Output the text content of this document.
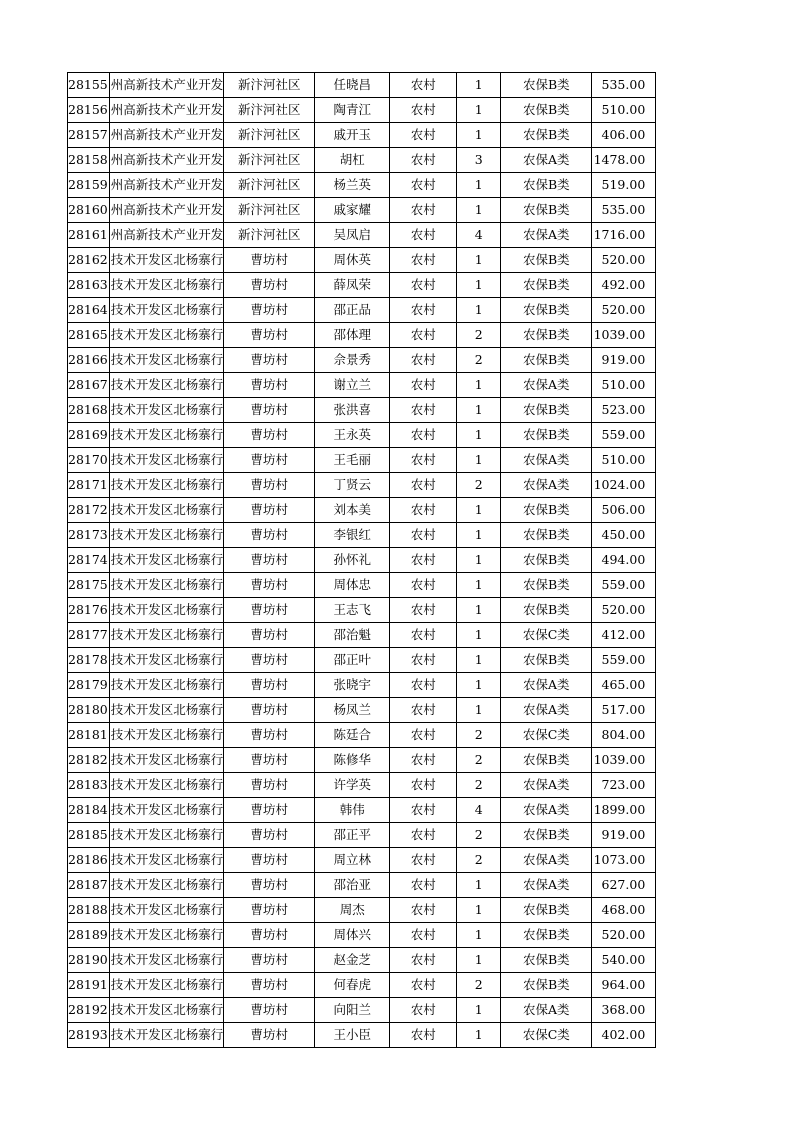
28155	州高新技术产业开发	新汴河社区	任晓昌	农村	1	农保B类	535.00
28156	州高新技术产业开发	新汴河社区	陶青江	农村	1	农保B类	510.00
28157	州高新技术产业开发	新汴河社区	戚开玉	农村	1	农保B类	406.00
28158	州高新技术产业开发	新汴河社区	胡杠	农村	3	农保A类	1478.00
28159	州高新技术产业开发	新汴河社区	杨兰英	农村	1	农保B类	519.00
28160	州高新技术产业开发	新汴河社区	戚家耀	农村	1	农保B类	535.00
28161	州高新技术产业开发	新汴河社区	吴凤启	农村	4	农保A类	1716.00
28162	技术开发区北杨寨行	曹坊村	周休英	农村	1	农保B类	520.00
28163	技术开发区北杨寨行	曹坊村	薛凤荣	农村	1	农保B类	492.00
28164	技术开发区北杨寨行	曹坊村	邵正品	农村	1	农保B类	520.00
28165	技术开发区北杨寨行	曹坊村	邵体理	农村	2	农保B类	1039.00
28166	技术开发区北杨寨行	曹坊村	佘景秀	农村	2	农保B类	919.00
28167	技术开发区北杨寨行	曹坊村	谢立兰	农村	1	农保A类	510.00
28168	技术开发区北杨寨行	曹坊村	张洪喜	农村	1	农保B类	523.00
28169	技术开发区北杨寨行	曹坊村	王永英	农村	1	农保B类	559.00
28170	技术开发区北杨寨行	曹坊村	王毛丽	农村	1	农保A类	510.00
28171	技术开发区北杨寨行	曹坊村	丁贤云	农村	2	农保A类	1024.00
28172	技术开发区北杨寨行	曹坊村	刘本美	农村	1	农保B类	506.00
28173	技术开发区北杨寨行	曹坊村	李银红	农村	1	农保B类	450.00
28174	技术开发区北杨寨行	曹坊村	孙怀礼	农村	1	农保B类	494.00
28175	技术开发区北杨寨行	曹坊村	周体忠	农村	1	农保B类	559.00
28176	技术开发区北杨寨行	曹坊村	王志飞	农村	1	农保B类	520.00
28177	技术开发区北杨寨行	曹坊村	邵治魁	农村	1	农保C类	412.00
28178	技术开发区北杨寨行	曹坊村	邵正叶	农村	1	农保B类	559.00
28179	技术开发区北杨寨行	曹坊村	张晓宇	农村	1	农保A类	465.00
28180	技术开发区北杨寨行	曹坊村	杨凤兰	农村	1	农保A类	517.00
28181	技术开发区北杨寨行	曹坊村	陈廷合	农村	2	农保C类	804.00
28182	技术开发区北杨寨行	曹坊村	陈修华	农村	2	农保B类	1039.00
28183	技术开发区北杨寨行	曹坊村	许学英	农村	2	农保A类	723.00
28184	技术开发区北杨寨行	曹坊村	韩伟	农村	4	农保A类	1899.00
28185	技术开发区北杨寨行	曹坊村	邵正平	农村	2	农保B类	919.00
28186	技术开发区北杨寨行	曹坊村	周立林	农村	2	农保A类	1073.00
28187	技术开发区北杨寨行	曹坊村	邵治亚	农村	1	农保A类	627.00
28188	技术开发区北杨寨行	曹坊村	周杰	农村	1	农保B类	468.00
28189	技术开发区北杨寨行	曹坊村	周体兴	农村	1	农保B类	520.00
28190	技术开发区北杨寨行	曹坊村	赵金芝	农村	1	农保B类	540.00
28191	技术开发区北杨寨行	曹坊村	何春虎	农村	2	农保B类	964.00
28192	技术开发区北杨寨行	曹坊村	向阳兰	农村	1	农保A类	368.00
28193	技术开发区北杨寨行	曹坊村	王小臣	农村	1	农保C类	402.00
